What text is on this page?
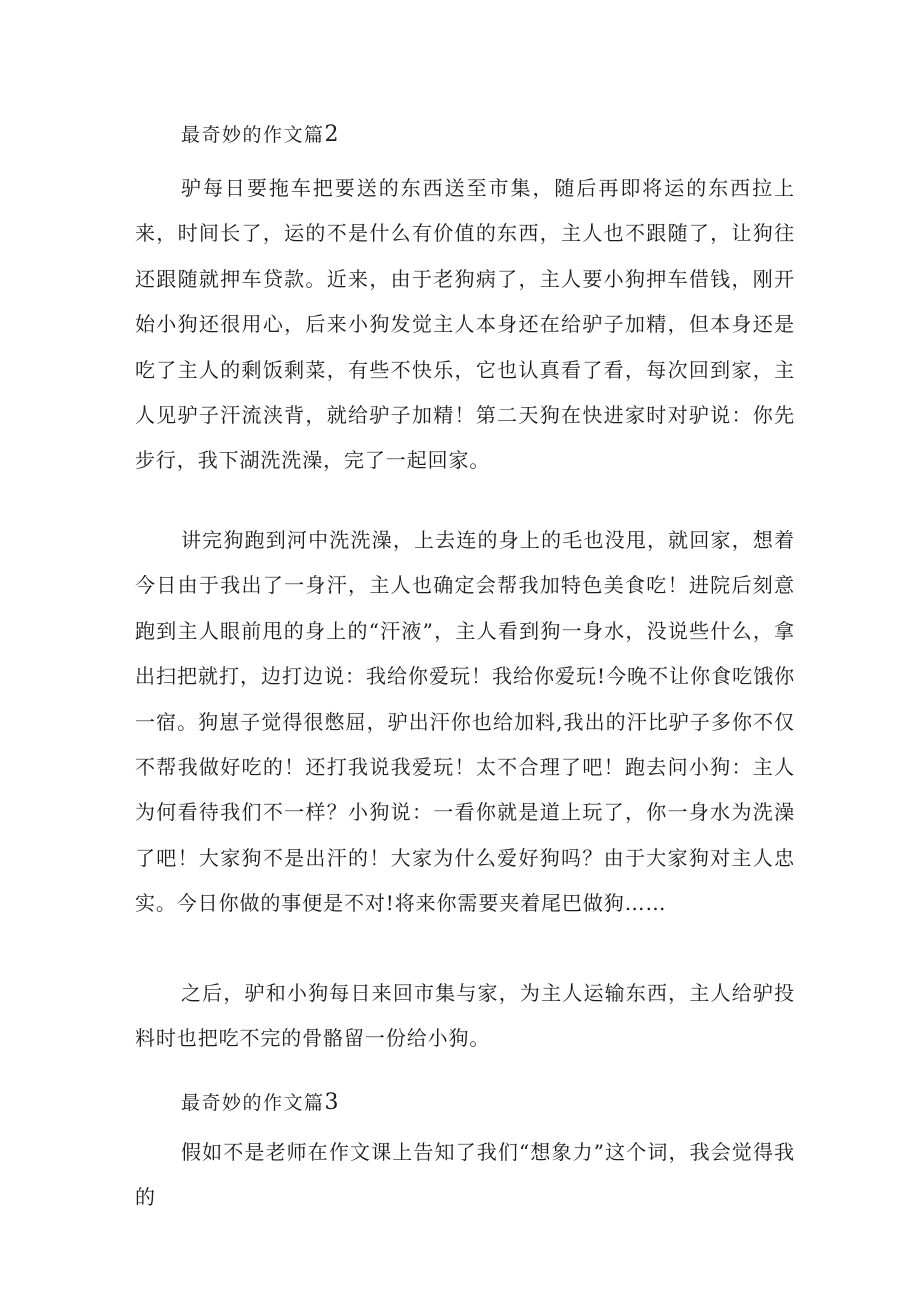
最奇妙的作文篇2

驴每日要拖车把要送的东西送至市集，随后再即将运的东西拉上来，时间长了，运的不是什么有价值的东西，主人也不跟随了，让狗往还跟随就押车贷款。近来，由于老狗病了，主人要小狗押车借钱，刚开始小狗还很用心，后来小狗发觉主人本身还在给驴子加精，但本身还是吃了主人的剩饭剩菜，有些不快乐，它也认真看了看，每次回到家，主人见驴子汗流浃背，就给驴子加精！第二天狗在快进家时对驴说：你先步行，我下湖洗洗澡，完了一起回家。

讲完狗跑到河中洗洗澡，上去连的身上的毛也没甩，就回家，想着今日由于我出了一身汗，主人也确定会帮我加特色美食吃！进院后刻意跑到主人眼前甩的身上的“汗液”，主人看到狗一身水，没说些什么，拿出扫把就打，边打边说：我给你爱玩！我给你爱玩!今晚不让你食吃饿你一宿。狗崽子觉得很憋屈，驴出汗你也给加料,我出的汗比驴子多你不仅不帮我做好吃的！还打我说我爱玩！太不合理了吧！跑去问小狗：主人为何看待我们不一样？小狗说：一看你就是道上玩了，你一身水为洗澡了吧！大家狗不是出汗的！大家为什么爱好狗吗？由于大家狗对主人忠实。今日你做的事便是不对!将来你需要夹着尾巴做狗……

之后，驴和小狗每日来回市集与家，为主人运输东西，主人给驴投料时也把吃不完的骨骼留一份给小狗。

最奇妙的作文篇3

假如不是老师在作文课上告知了我们“想象力”这个词，我会觉得我的
